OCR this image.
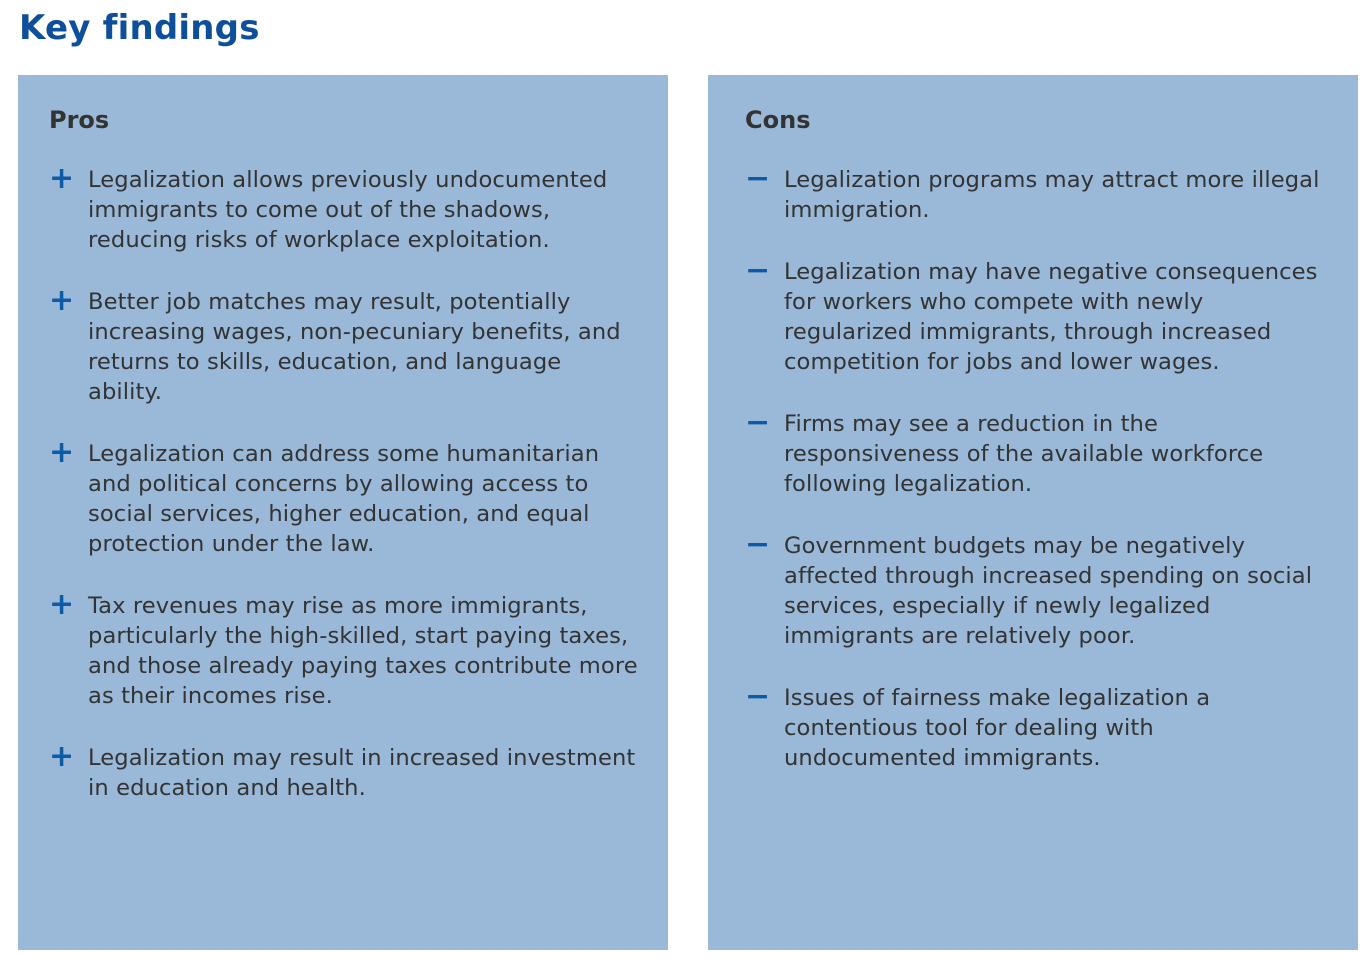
Key findings
Pros
+ Legalization allows previously undocumented immigrants to come out of the shadows, reducing risks of workplace exploitation.
+ Better job matches may result, potentially increasing wages, non-pecuniary benefits, and returns to skills, education, and language ability.
+ Legalization can address some humanitarian and political concerns by allowing access to social services, higher education, and equal protection under the law.
+ Tax revenues may rise as more immigrants, particularly the high-skilled, start paying taxes, and those already paying taxes contribute more as their incomes rise.
+ Legalization may result in increased investment in education and health.
Cons
− Legalization programs may attract more illegal immigration.
− Legalization may have negative consequences for workers who compete with newly regularized immigrants, through increased competition for jobs and lower wages.
− Firms may see a reduction in the responsiveness of the available workforce following legalization.
− Government budgets may be negatively affected through increased spending on social services, especially if newly legalized immigrants are relatively poor.
− Issues of fairness make legalization a contentious tool for dealing with undocumented immigrants.
